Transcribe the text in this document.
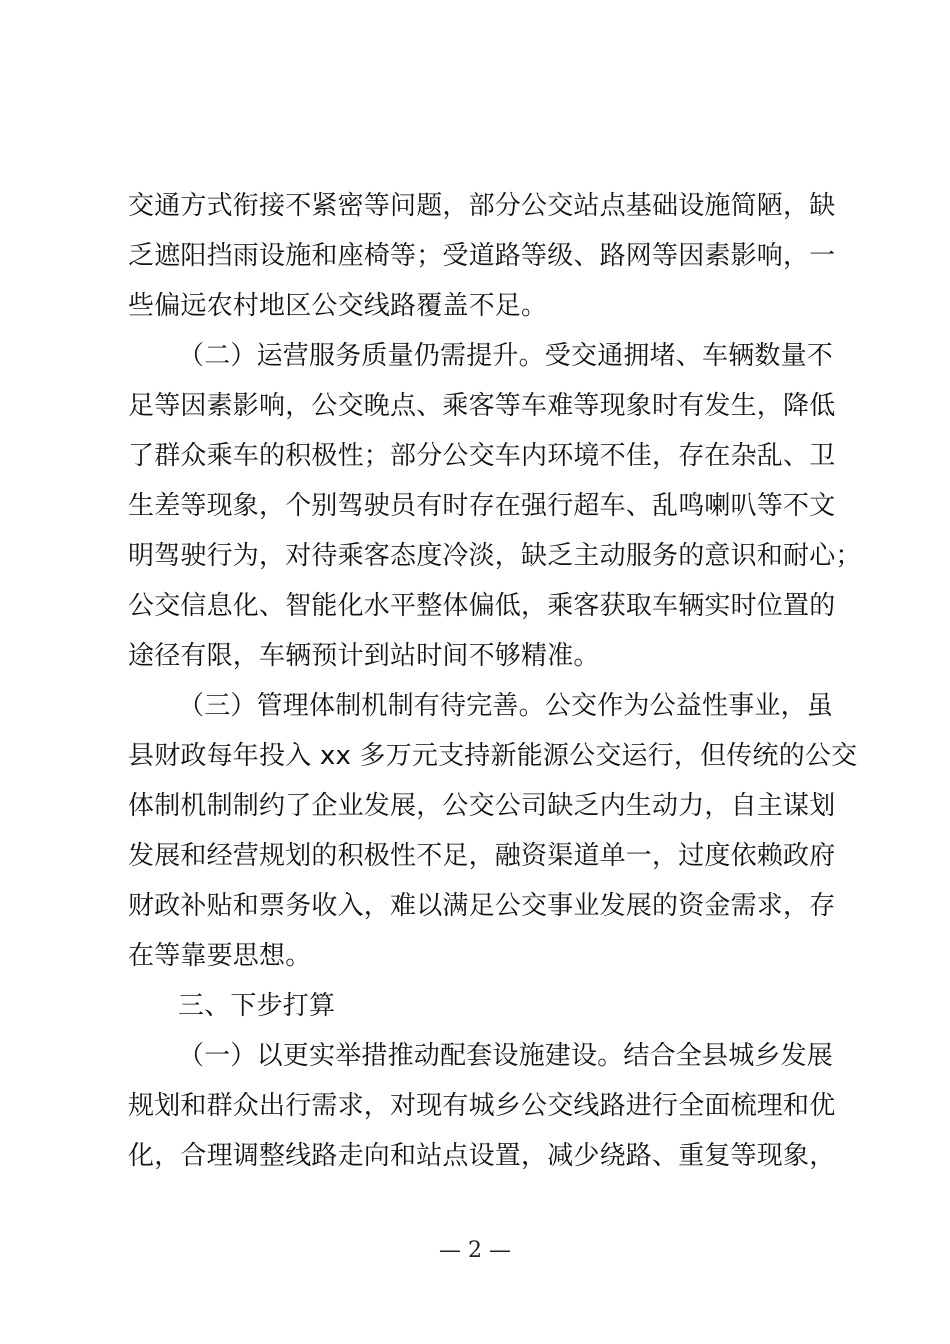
交通方式衔接不紧密等问题，部分公交站点基础设施简陋，缺
乏遮阳挡雨设施和座椅等；受道路等级、路网等因素影响，一
些偏远农村地区公交线路覆盖不足。
（二）运营服务质量仍需提升。受交通拥堵、车辆数量不
足等因素影响，公交晚点、乘客等车难等现象时有发生，降低
了群众乘车的积极性；部分公交车内环境不佳，存在杂乱、卫
生差等现象，个别驾驶员有时存在强行超车、乱鸣喇叭等不文
明驾驶行为，对待乘客态度冷淡，缺乏主动服务的意识和耐心；
公交信息化、智能化水平整体偏低，乘客获取车辆实时位置的
途径有限，车辆预计到站时间不够精准。
（三）管理体制机制有待完善。公交作为公益性事业，虽
县财政每年投入 xx 多万元支持新能源公交运行，但传统的公交
体制机制制约了企业发展，公交公司缺乏内生动力，自主谋划
发展和经营规划的积极性不足，融资渠道单一，过度依赖政府
财政补贴和票务收入，难以满足公交事业发展的资金需求，存
在等靠要思想。
三、下步打算
（一）以更实举措推动配套设施建设。结合全县城乡发展
规划和群众出行需求，对现有城乡公交线路进行全面梳理和优
化，合理调整线路走向和站点设置，减少绕路、重复等现象，
— 2 —
